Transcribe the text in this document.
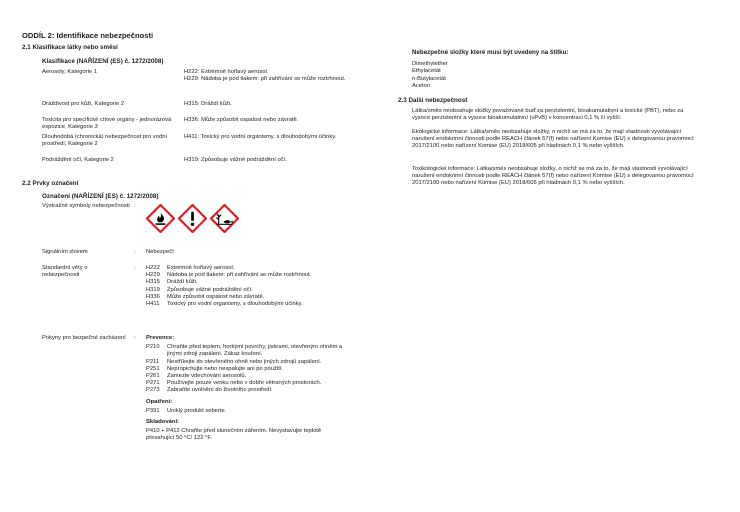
ODDÍL 2: Identifikace nebezpečnosti
2.1 Klasifikace látky nebo směsi
Klasifikace (NAŘÍZENÍ (ES) č. 1272/2008)
Aerosoly, Kategorie 1	H222: Extrémně hořlavý aerosol.
H229: Nádoba je pod tlakem: při zahřívání se může roztrhnout.
Dráždivost pro kůži, Kategorie 2	H315: Dráždí kůži.
Toxicita pro specifické cílové orgány - jednorázová expozice, Kategorie 3
H336: Může způsobit ospalost nebo závratě.
Dlouhodobá (chronická) nebezpečnost pro vodní prostředí, Kategorie 2
H411: Toxický pro vodní organismy, s dlouhodobými účinky.
Podráždění očí, Kategorie 2	H319: Způsobuje vážné podráždění očí.
2.2 Prvky označení
Označení (NAŘÍZENÍ (ES) č. 1272/2008)
Výstražné symboly nebezpečnosti :
Signálním slovem	: Nebezpečí
Standardní věty o nebezpečnosti
: H222	Extrémně hořlavý aerosol.
H229	Nádoba je pod tlakem: při zahřívání se může roztrhnout.
H315	Dráždí kůži.
H319	Způsobuje vážné podráždění očí.
H336	Může způsobit ospalost nebo závratě.
H411	Toxický pro vodní organismy, s dlouhodobými účinky.
Pokyny pro bezpečné zacházení : Prevence:
P210	Chraňte před teplem, horkými povrchy, jiskrami, otevřeným ohněm a jinými zdroji zapálení. Zákaz kouření.
P211	Nestříkejte do otevřeného ohně nebo jiných zdrojů zapálení.
P251	Nepropichujte nebo nespalujte ani po použití.
P261	Zamezte vdechování aerosolů.
P271	Používejte pouze venku nebo v dobře větraných prostorách.
P273	Zabraňte uvolnění do životního prostředí.
Opatření:
P391	Uniklý produkt seberte.
Skladování:
P410 + P412 Chraňte před slunečním zářením. Nevystavujte teplotě přesahující 50 °C/ 122 °F.
Nebezpečné složky které musí být uvedeny na štítku:
Dimethylether
Ethylacetát
n-Butylacetát
Aceton
2.3 Další nebezpečnost
Látka/směs neobsahuje složky považované buď za perzistentní, bioakumulativní a toxické (PBT), nebo za vysoce perzistentní a vysoce bioakumulativní (vPvB) v koncentraci 0,1 % či vyšší.
Ekologické informace: Látka/směs neobsahuje složky, o nichž se má za to, že mají vlastnosti vyvolávající narušení endokrinní činnosti podle REACH článek 57(f) nebo nařízení Komise (EU) s delegovanou pravomocí 2017/2100 nebo nařízení Komise (EU) 2018/605 při hladinách 0,1 % nebo vyšších.
Toxikologické informace: Látka/směs neobsahuje složky, o nichž se má za to, že mají vlastnosti vyvolávající narušení endokrinní činnosti podle REACH článek 57(f) nebo nařízení Komise (EU) s delegovanou pravomocí 2017/2100 nebo nařízení Komise (EU) 2018/605 při hladinách 0,1 % nebo vyšších.
